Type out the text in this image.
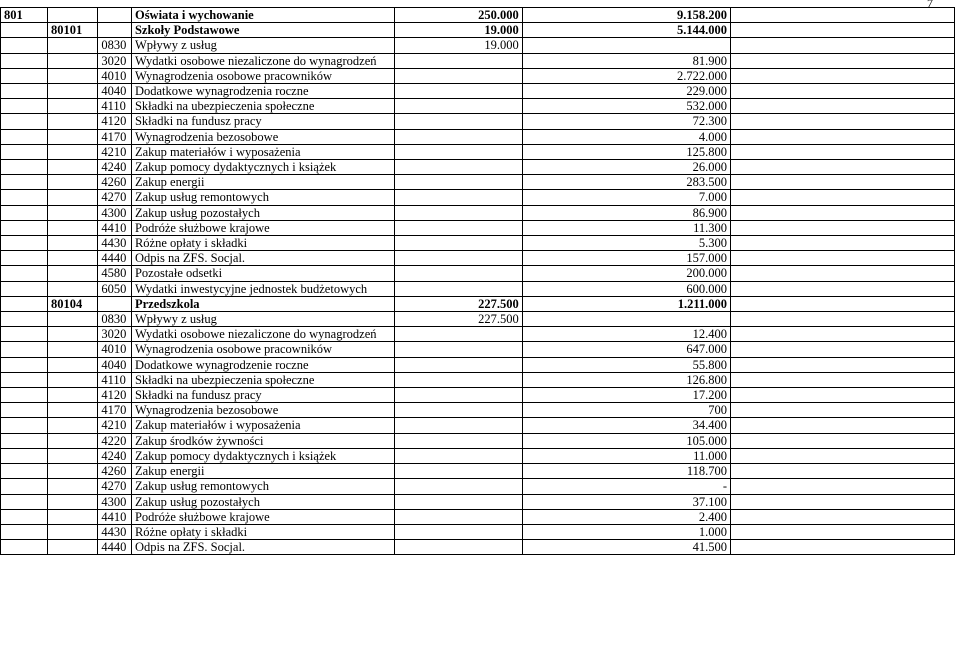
7
801			Oświata i wychowanie	250.000	9.158.200	
	80101		Szkoły Podstawowe	19.000	5.144.000	
		0830	Wpływy z usług	19.000		
		3020	Wydatki osobowe niezaliczone do wynagrodzeń		81.900	
		4010	Wynagrodzenia osobowe pracowników		2.722.000	
		4040	Dodatkowe wynagrodzenia roczne		229.000	
		4110	Składki na ubezpieczenia społeczne		532.000	
		4120	Składki na fundusz pracy		72.300	
		4170	Wynagrodzenia bezosobowe		4.000	
		4210	Zakup materiałów i wyposażenia		125.800	
		4240	Zakup pomocy dydaktycznych i książek		26.000	
		4260	Zakup energii		283.500	
		4270	Zakup usług remontowych		7.000	
		4300	Zakup usług pozostałych		86.900	
		4410	Podróże służbowe krajowe		11.300	
		4430	Różne opłaty i składki		5.300	
		4440	Odpis na ZFS. Socjal.		157.000	
		4580	Pozostałe odsetki		200.000	
		6050	Wydatki inwestycyjne jednostek budżetowych		600.000	
	80104		Przedszkola	227.500	1.211.000	
		0830	Wpływy z usług	227.500		
		3020	Wydatki osobowe niezaliczone do wynagrodzeń		12.400	
		4010	Wynagrodzenia osobowe pracowników		647.000	
		4040	Dodatkowe wynagrodzenie roczne		55.800	
		4110	Składki na ubezpieczenia społeczne		126.800	
		4120	Składki na fundusz pracy		17.200	
		4170	Wynagrodzenia bezosobowe		700	
		4210	Zakup materiałów i wyposażenia		34.400	
		4220	Zakup środków żywności		105.000	
		4240	Zakup pomocy dydaktycznych i książek		11.000	
		4260	Zakup energii		118.700	
		4270	Zakup usług remontowych		-	
		4300	Zakup usług pozostałych		37.100	
		4410	Podróże służbowe krajowe		2.400	
		4430	Różne opłaty i składki		1.000	
		4440	Odpis na ZFS. Socjal.		41.500	
